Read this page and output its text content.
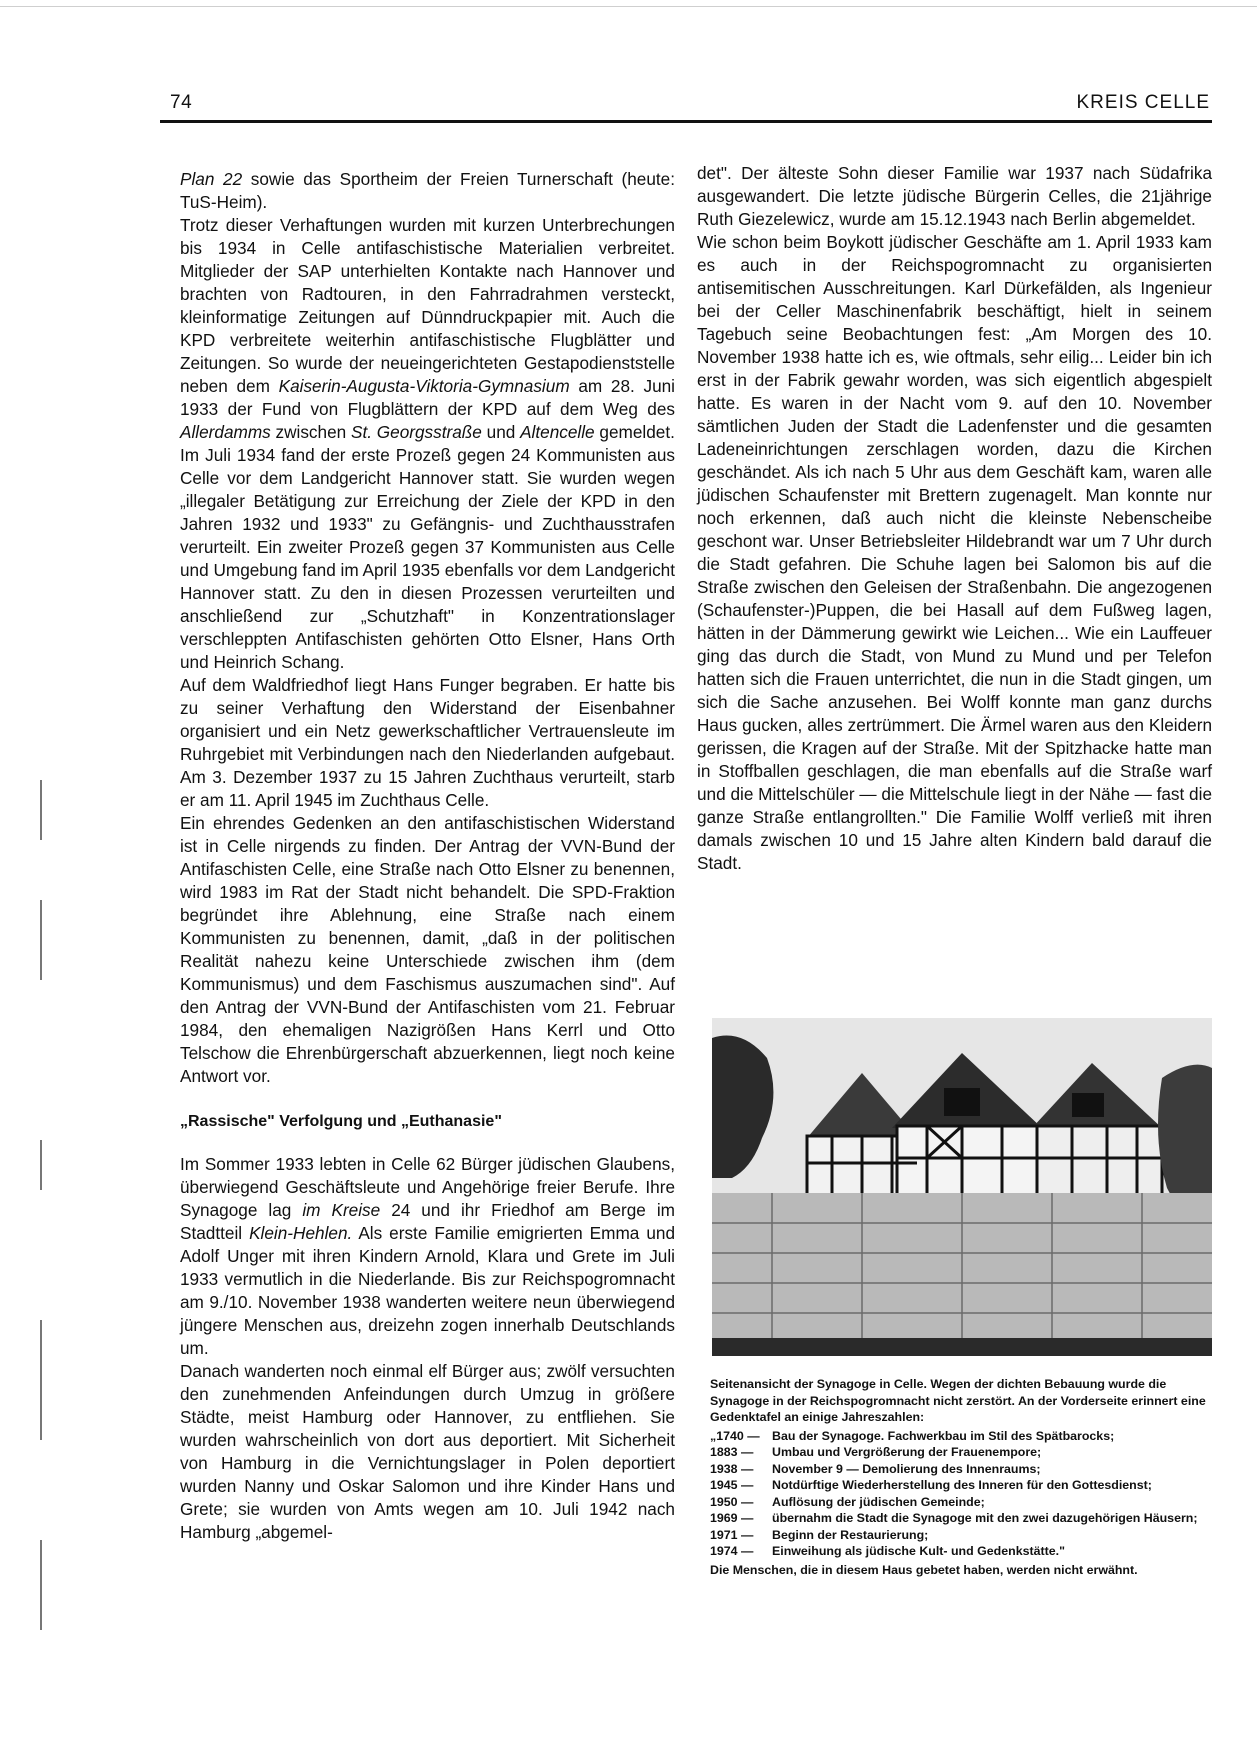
74	KREIS CELLE

Plan 22 sowie das Sportheim der Freien Turnerschaft (heute: TuS-Heim).

Trotz dieser Verhaftungen wurden mit kurzen Unterbrechungen bis 1934 in Celle antifaschistische Materialien verbreitet. Mitglieder der SAP unterhielten Kontakte nach Hannover und brachten von Radtouren, in den Fahrradrahmen versteckt, kleinformatige Zeitungen auf Dünndruckpapier mit. Auch die KPD verbreitete weiterhin antifaschistische Flugblätter und Zeitungen. So wurde der neueingerichteten Gestapodienststelle neben dem Kaiserin-Augusta-Viktoria-Gymnasium am 28. Juni 1933 der Fund von Flugblättern der KPD auf dem Weg des Allerdamms zwischen St. Georgsstraße und Altencelle gemeldet.

Im Juli 1934 fand der erste Prozeß gegen 24 Kommunisten aus Celle vor dem Landgericht Hannover statt. Sie wurden wegen „illegaler Betätigung zur Erreichung der Ziele der KPD in den Jahren 1932 und 1933" zu Gefängnis- und Zuchthausstrafen verurteilt. Ein zweiter Prozeß gegen 37 Kommunisten aus Celle und Umgebung fand im April 1935 ebenfalls vor dem Landgericht Hannover statt. Zu den in diesen Prozessen verurteilten und anschließend zur „Schutzhaft" in Konzentrationslager verschleppten Antifaschisten gehörten Otto Elsner, Hans Orth und Heinrich Schang.

Auf dem Waldfriedhof liegt Hans Funger begraben. Er hatte bis zu seiner Verhaftung den Widerstand der Eisenbahner organisiert und ein Netz gewerkschaftlicher Vertrauensleute im Ruhrgebiet mit Verbindungen nach den Niederlanden aufgebaut. Am 3. Dezember 1937 zu 15 Jahren Zuchthaus verurteilt, starb er am 11. April 1945 im Zuchthaus Celle.

Ein ehrendes Gedenken an den antifaschistischen Widerstand ist in Celle nirgends zu finden. Der Antrag der VVN-Bund der Antifaschisten Celle, eine Straße nach Otto Elsner zu benennen, wird 1983 im Rat der Stadt nicht behandelt. Die SPD-Fraktion begründet ihre Ablehnung, eine Straße nach einem Kommunisten zu benennen, damit, „daß in der politischen Realität nahezu keine Unterschiede zwischen ihm (dem Kommunismus) und dem Faschismus auszumachen sind". Auf den Antrag der VVN-Bund der Antifaschisten vom 21. Februar 1984, den ehemaligen Nazigrößen Hans Kerrl und Otto Telschow die Ehrenbürgerschaft abzuerkennen, liegt noch keine Antwort vor.

„Rassische" Verfolgung und „Euthanasie"

Im Sommer 1933 lebten in Celle 62 Bürger jüdischen Glaubens, überwiegend Geschäftsleute und Angehörige freier Berufe. Ihre Synagoge lag im Kreise 24 und ihr Friedhof am Berge im Stadtteil Klein-Hehlen. Als erste Familie emigrierten Emma und Adolf Unger mit ihren Kindern Arnold, Klara und Grete im Juli 1933 vermutlich in die Niederlande. Bis zur Reichspogromnacht am 9./10. November 1938 wanderten weitere neun überwiegend jüngere Menschen aus, dreizehn zogen innerhalb Deutschlands um.

Danach wanderten noch einmal elf Bürger aus; zwölf versuchten den zunehmenden Anfeindungen durch Umzug in größere Städte, meist Hamburg oder Hannover, zu entfliehen. Sie wurden wahrscheinlich von dort aus deportiert. Mit Sicherheit von Hamburg in die Vernichtungslager in Polen deportiert wurden Nanny und Oskar Salomon und ihre Kinder Hans und Grete; sie wurden von Amts wegen am 10. Juli 1942 nach Hamburg „abgemel-

det". Der älteste Sohn dieser Familie war 1937 nach Südafrika ausgewandert. Die letzte jüdische Bürgerin Celles, die 21jährige Ruth Giezelewicz, wurde am 15.12.1943 nach Berlin abgemeldet.

Wie schon beim Boykott jüdischer Geschäfte am 1. April 1933 kam es auch in der Reichspogromnacht zu organisierten antisemitischen Ausschreitungen. Karl Dürkefälden, als Ingenieur bei der Celler Maschinenfabrik beschäftigt, hielt in seinem Tagebuch seine Beobachtungen fest: „Am Morgen des 10. November 1938 hatte ich es, wie oftmals, sehr eilig... Leider bin ich erst in der Fabrik gewahr worden, was sich eigentlich abgespielt hatte. Es waren in der Nacht vom 9. auf den 10. November sämtlichen Juden der Stadt die Ladenfenster und die gesamten Ladeneinrichtungen zerschlagen worden, dazu die Kirchen geschändet. Als ich nach 5 Uhr aus dem Geschäft kam, waren alle jüdischen Schaufenster mit Brettern zugenagelt. Man konnte nur noch erkennen, daß auch nicht die kleinste Nebenscheibe geschont war. Unser Betriebsleiter Hildebrandt war um 7 Uhr durch die Stadt gefahren. Die Schuhe lagen bei Salomon bis auf die Straße zwischen den Geleisen der Straßenbahn. Die angezogenen (Schaufenster-)Puppen, die bei Hasall auf dem Fußweg lagen, hätten in der Dämmerung gewirkt wie Leichen... Wie ein Lauffeuer ging das durch die Stadt, von Mund zu Mund und per Telefon hatten sich die Frauen unterrichtet, die nun in die Stadt gingen, um sich die Sache anzusehen. Bei Wolff konnte man ganz durchs Haus gucken, alles zertrümmert. Die Ärmel waren aus den Kleidern gerissen, die Kragen auf der Straße. Mit der Spitzhacke hatte man in Stoffballen geschlagen, die man ebenfalls auf die Straße warf und die Mittelschüler — die Mittelschule liegt in der Nähe — fast die ganze Straße entlangrollten." Die Familie Wolff verließ mit ihren damals zwischen 10 und 15 Jahre alten Kindern bald darauf die Stadt.

Seitenansicht der Synagoge in Celle. Wegen der dichten Bebauung wurde die Synagoge in der Reichspogromnacht nicht zerstört. An der Vorderseite erinnert eine Gedenktafel an einige Jahreszahlen:

„1740 —	Bau der Synagoge. Fachwerkbau im Stil des Spätbarocks;
1883 —	Umbau und Vergrößerung der Frauenempore;
1938 —	November 9 — Demolierung des Innenraums;
1945 —	Notdürftige Wiederherstellung des Inneren für den Gottesdienst;
1950 —	Auflösung der jüdischen Gemeinde;
1969 —	übernahm die Stadt die Synagoge mit den zwei dazugehörigen Häusern;
1971 —	Beginn der Restaurierung;
1974 —	Einweihung als jüdische Kult- und Gedenkstätte."

Die Menschen, die in diesem Haus gebetet haben, werden nicht erwähnt.
